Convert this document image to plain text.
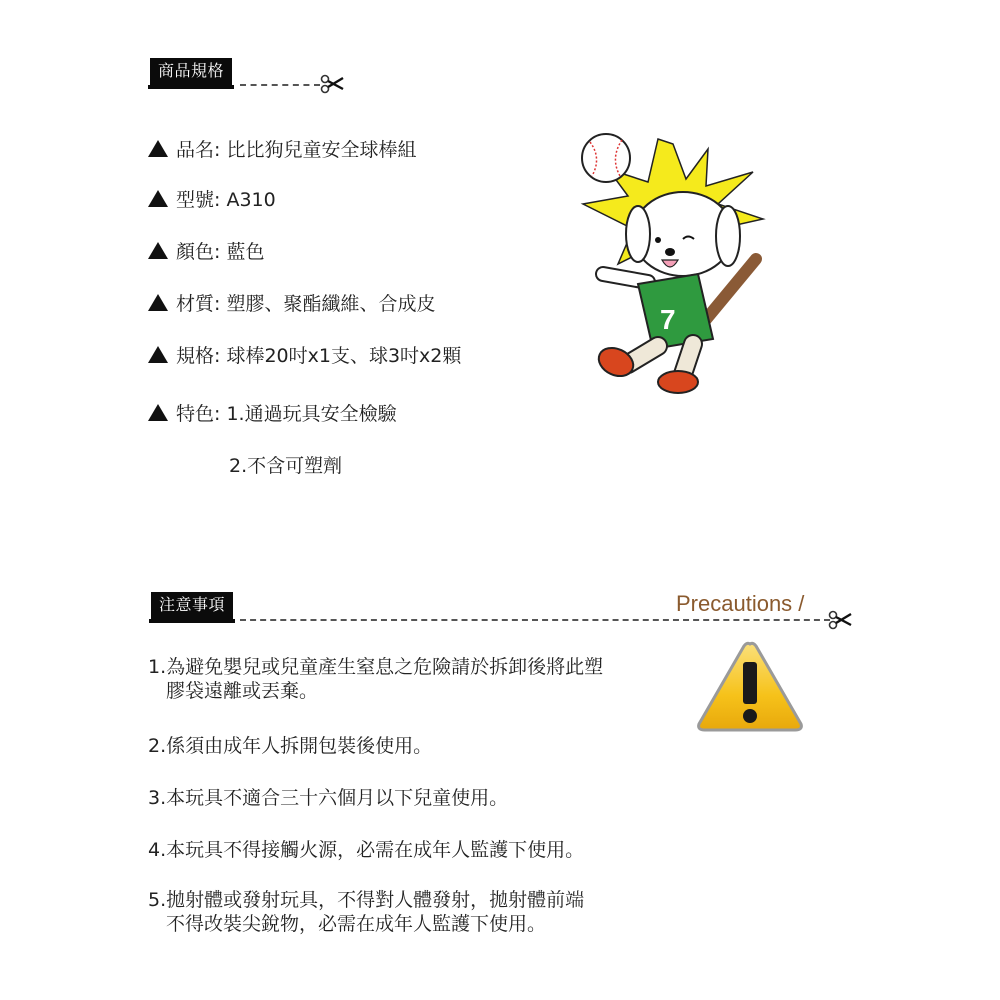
商品規格
品名: 比比狗兒童安全球棒組
型號: A310
顏色: 藍色
材質: 塑膠、聚酯纖維、合成皮
規格: 球棒20吋x1支、球3吋x2顆
特色: 1.通過玩具安全檢驗
2.不含可塑劑
7
注意事項	Precautions /
1.為避免嬰兒或兒童產生窒息之危險請於拆卸後將此塑
膠袋遠離或丟棄。
2.係須由成年人拆開包裝後使用。
3.本玩具不適合三十六個月以下兒童使用。
4.本玩具不得接觸火源，必需在成年人監護下使用。
5.拋射體或發射玩具，不得對人體發射，拋射體前端
不得改裝尖銳物，必需在成年人監護下使用。
